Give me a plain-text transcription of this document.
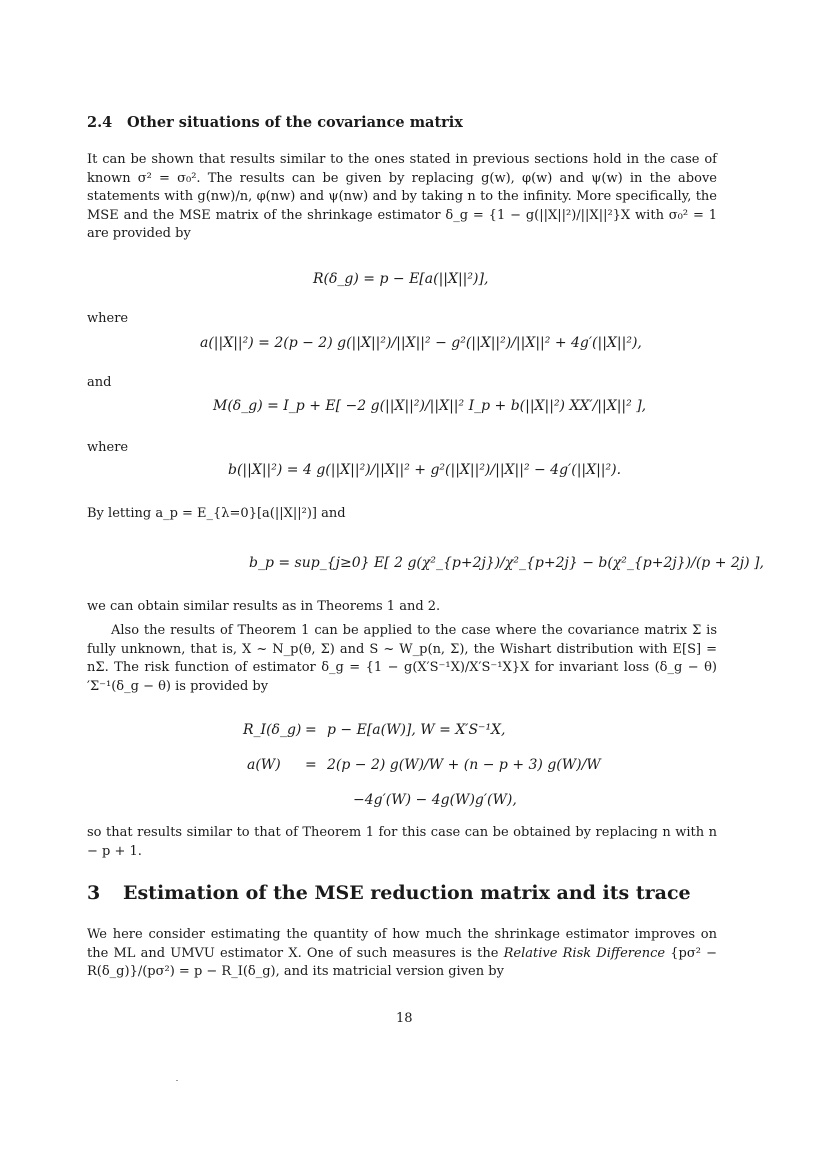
2.4 Other situations of the covariance matrix
It can be shown that results similar to the ones stated in previous sections hold in the case of known σ² = σ₀². The results can be given by replacing g(w), φ(w) and ψ(w) in the above statements with g(nw)/n, φ(nw) and ψ(nw) and by taking n to the infinity. More specifically, the MSE and the MSE matrix of the shrinkage estimator δ_g = {1 − g(||X||²)/||X||²}X with σ₀² = 1 are provided by
R(δ_g) = p − E[a(||X||²)],
where
a(||X||²) = 2(p − 2) g(||X||²)/||X||² − g²(||X||²)/||X||² + 4g′(||X||²),
and
M(δ_g) = I_p + E[ −2 g(||X||²)/||X||² I_p + b(||X||²) XX′/||X||² ],
where
b(||X||²) = 4 g(||X||²)/||X||² + g²(||X||²)/||X||² − 4g′(||X||²).
By letting a_p = E_{λ=0}[a(||X||²)] and
b_p = sup_{j≥0} E[ 2 g(χ²_{p+2j})/χ²_{p+2j} − b(χ²_{p+2j})/(p + 2j) ],
we can obtain similar results as in Theorems 1 and 2.
Also the results of Theorem 1 can be applied to the case where the covariance matrix Σ is fully unknown, that is, X ~ N_p(θ, Σ) and S ~ W_p(n, Σ), the Wishart distribution with E[S] = nΣ. The risk function of estimator δ_g = {1 − g(X′S⁻¹X)/X′S⁻¹X}X for invariant loss (δ_g − θ)′Σ⁻¹(δ_g − θ) is provided by
R_I(δ_g) = p − E[a(W)], W = X′S⁻¹X,
a(W) = 2(p − 2) g(W)/W + (n − p + 3) g(W)/W
−4g′(W) − 4g(W)g′(W),
so that results similar to that of Theorem 1 for this case can be obtained by replacing n with n − p + 1.
3 Estimation of the MSE reduction matrix and its trace
We here consider estimating the quantity of how much the shrinkage estimator improves on the ML and UMVU estimator X. One of such measures is the Relative Risk Difference {pσ² − R(δ_g)}/(pσ²) = p − R_I(δ_g), and its matricial version given by
18
